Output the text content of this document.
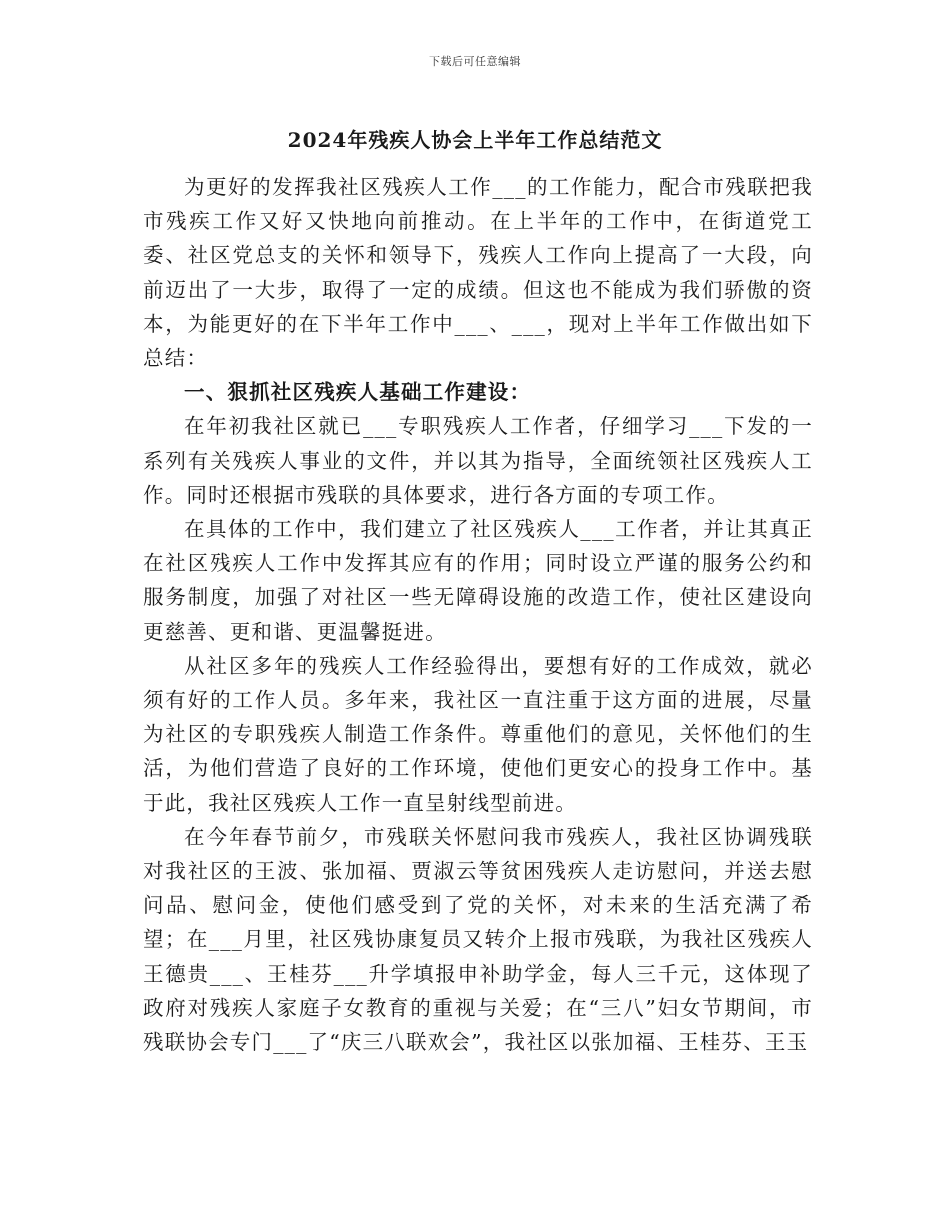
下载后可任意编辑
2024年残疾人协会上半年工作总结范文

为更好的发挥我社区残疾人工作___的工作能力，配合市残联把我市残疾工作又好又快地向前推动。在上半年的工作中，在街道党工委、社区党总支的关怀和领导下，残疾人工作向上提高了一大段，向前迈出了一大步，取得了一定的成绩。但这也不能成为我们骄傲的资本，为能更好的在下半年工作中___、___，现对上半年工作做出如下总结：

一、狠抓社区残疾人基础工作建设：

在年初我社区就已___专职残疾人工作者，仔细学习___下发的一系列有关残疾人事业的文件，并以其为指导，全面统领社区残疾人工作。同时还根据市残联的具体要求，进行各方面的专项工作。

在具体的工作中，我们建立了社区残疾人___工作者，并让其真正在社区残疾人工作中发挥其应有的作用；同时设立严谨的服务公约和服务制度，加强了对社区一些无障碍设施的改造工作，使社区建设向更慈善、更和谐、更温馨挺进。

从社区多年的残疾人工作经验得出，要想有好的工作成效，就必须有好的工作人员。多年来，我社区一直注重于这方面的进展，尽量为社区的专职残疾人制造工作条件。尊重他们的意见，关怀他们的生活，为他们营造了良好的工作环境，使他们更安心的投身工作中。基于此，我社区残疾人工作一直呈射线型前进。

在今年春节前夕，市残联关怀慰问我市残疾人，我社区协调残联对我社区的王波、张加福、贾淑云等贫困残疾人走访慰问，并送去慰问品、慰问金，使他们感受到了党的关怀，对未来的生活充满了希望；在___月里，社区残协康复员又转介上报市残联，为我社区残疾人王德贵___、王桂芬___升学填报申补助学金，每人三千元，这体现了政府对残疾人家庭子女教育的重视与关爱；在“三八”妇女节期间，市残联协会专门___了“庆三八联欢会”，我社区以张加福、王桂芬、王玉
